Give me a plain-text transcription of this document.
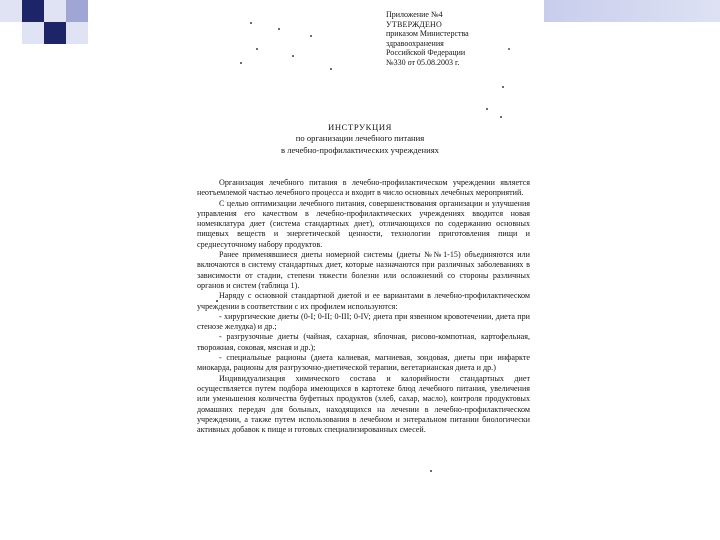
Приложение №4
УТВЕРЖДЕНО
приказом Министерства
здравоохранения
Российской Федерации
№330 от 05.08.2003 г.
ИНСТРУКЦИЯ
по организации лечебного питания
в лечебно-профилактических учреждениях

Организация лечебного питания в лечебно-профилактическом учреждении является неотъемлемой частью лечебного процесса и входит в число основных лечебных мероприятий.

С целью оптимизации лечебного питания, совершенствования организации и улучшения управления его качеством в лечебно-профилактических учреждениях вводится новая номенклатура диет (система стандартных диет), отличающихся по содержанию основных пищевых веществ и энергетической ценности, технологии приготовления пищи и среднесуточному набору продуктов.

Ранее применявшиеся диеты номерной системы (диеты №№1-15) объединяются или включаются в систему стандартных диет, которые назначаются при различных заболеваниях в зависимости от стадии, степени тяжести болезни или осложнений со стороны различных органов и систем (таблица 1).

Наряду с основной стандартной диетой и ее вариантами в лечебно-профилактическом учреждении в соответствии с их профилем используются:

- хирургические диеты (0-I; 0-II; 0-III; 0-IV; диета при язвенном кровотечении, диета при стенозе желудка) и др.;

- разгрузочные диеты (чайная, сахарная, яблочная, рисово-компотная, картофельная, творожная, соковая, мясная и др.);

- специальные рационы (диета калиевая, магниевая, зондовая, диеты при инфаркте миокарда, рационы для разгрузочно-диетической терапии, вегетарианская диета и др.)

Индивидуализация химического состава и калорийности стандартных диет осуществляется путем подбора имеющихся в картотеке блюд лечебного питания, увеличения или уменьшения количества буфетных продуктов (хлеб, сахар, масло), контроля продуктовых домашних передач для больных, находящихся на лечении в лечебно-профилактическом учреждении, а также путем использования в лечебном и энтеральном питании биологически активных добавок к пище и готовых специализированных смесей.
